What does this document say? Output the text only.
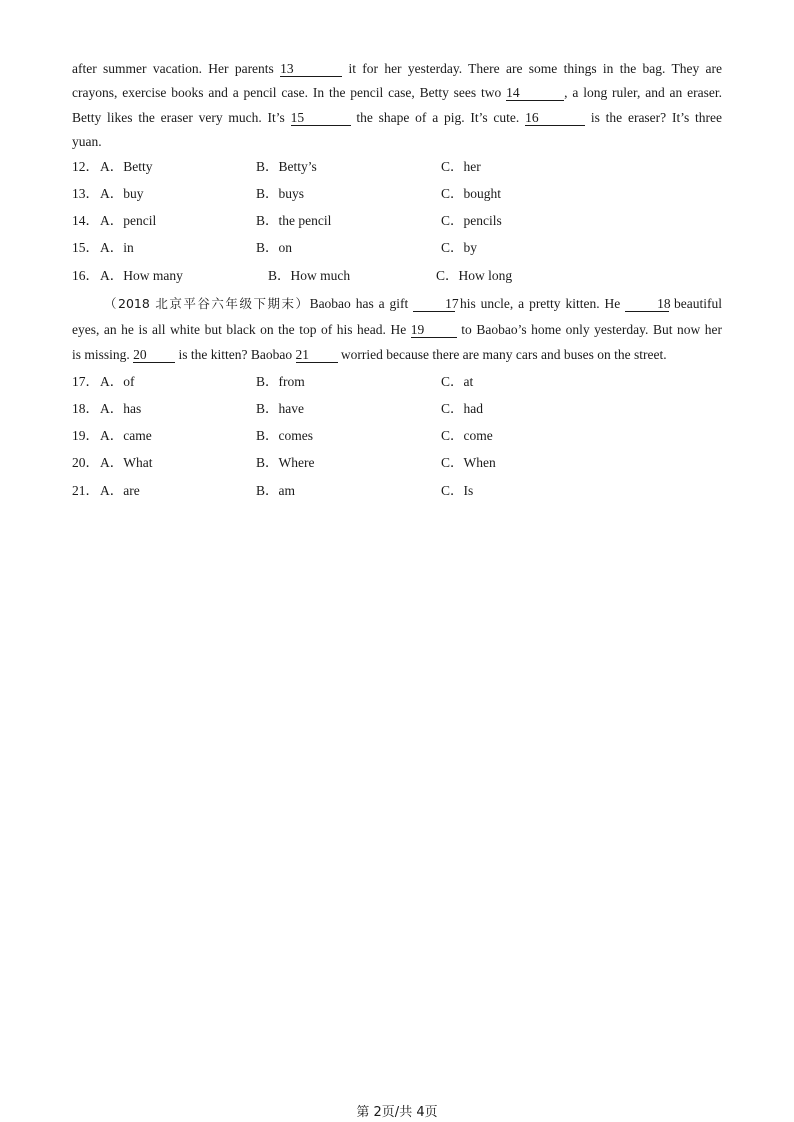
after summer vacation. Her parents 13	it for her yesterday. There are some things in the bag. They are
crayons, exercise books and a pencil case. In the pencil case, Betty sees two 14	, a long ruler, and an eraser.
Betty likes the eraser very much. It’s 15	the shape of a pig. It’s cute. 16	is the eraser? It’s three
yuan.
12． A．Betty	B．Betty’s	C．her
13． A．buy	B．buys	C．bought
14． A．pencil	B．the pencil	C．pencils
15． A．in	B．on	C．by
16． A．How many	B．How much	C．How long
（2018 北京平谷六年级下期末）Baobao has a gift 17 his uncle, a pretty kitten. He 18 beautiful
eyes, an he is all white but black on the top of his head. He 19 to Baobao’s home only yesterday. But now her
is missing. 20 is the kitten? Baobao 21 worried because there are many cars and buses on the street.
17． A．of	B．from	C．at
18． A．has	B．have	C．had
19． A．came	B．comes	C．come
20． A．What	B．Where	C．When
21． A．are	B．am	C．Is
第 2页/共 4页
